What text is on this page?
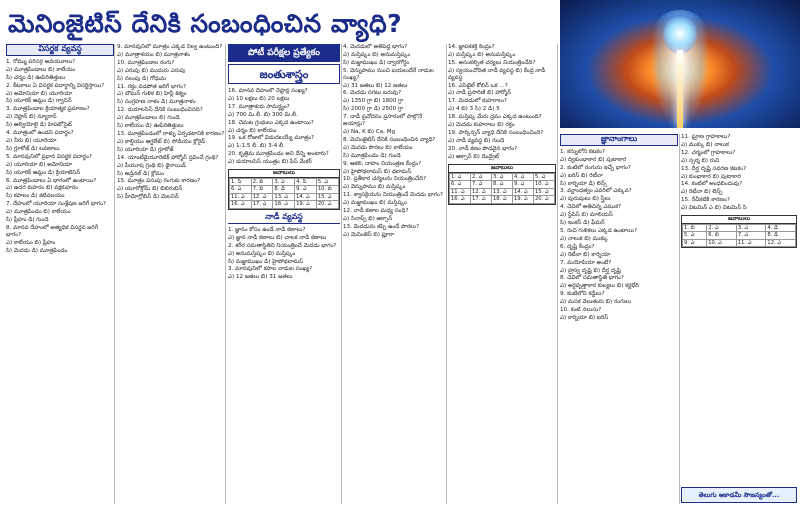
మెనింజైటిస్ దేనికి సంబంధించిన వ్యాధి?
విసర్జక వ్యవస్థ

1. రోమ్ము పరిసర్గ అవయవాలు?

ఎ) మూత్రపిండాలు బి) కాలేయం

సి) చర్మం డి) ఊపిరితిత్తులు

2. కీటకాలు ఏ విసర్జక పదార్థాన్ని విసర్జిస్తాయి?

ఎ) అమోనియా బి) యూరియా

సి) యూరిక్ ఆమ్లం డి) గ్వానిన్

3. మూత్రపిండాల క్రియాత్మక ప్రమాణం?

ఎ) నెఫ్రాన్ బి) న్యూరాన్

సి) ఆల్వియోలై డి) హెపటోసైట్

4. మూత్రంలో ఉండని పదార్థం?

ఎ) నీరు బి) యూరియా

సి) గ్లూకోజ్ డి) లవణాలు

5. మానవునిలో ప్రధాన విసర్జక పదార్థం?

ఎ) యూరియా బి) అమోనియా

సి) యూరిక్ ఆమ్లం డి) క్రియాటినిన్

6. మూత్రపిండాలు ఏ భాగంలో ఉంటాయి?

ఎ) ఉదర కుహరం బి) వక్షకుహరం

సి) కపాలం డి) కటివలయం

7. దేహంలో యూరియా సంశ్లేషణ జరిగే భాగం?

ఎ) మూత్రపిండం బి) కాలేయం

సి) ప్లీహం డి) గుండె

8. మానవ దేహంలో అత్యధిక విసర్జన జరిగే భాగం?

ఎ) కాలేయం బి) ప్లీహం

సి) మెదడు డి) మూత్రపిండం

9. మానవునిలో మూత్రం ఎక్కడ నిల్వ ఉంటుంది?

ఎ) మూత్రాశయం బి) మూత్రనాళం

10. మూత్రపిండాల రంగు?

ఎ) ఎరుపు బి) ముదురు ఎరుపు

సి) నలుపు డి) గోధుమ

11. రక్తం వడపోత జరిగే భాగం?

ఎ) బౌమన్ గుళిక బి) హెన్లీ శిక్యం

సి) సంగ్రహణ నాళం డి) మూత్రనాళం

12. డయాలసిస్ దేనికి సంబంధించినది?

ఎ) మూత్రపిండాలు బి) గుండె

సి) కాలేయం డి) ఊపిరితిత్తులు

13. మూత్రపిండంలో రాళ్ళు ఏర్పడటానికి కారణం?

ఎ) కాల్షియం ఆగ్జలేట్ బి) సోడియం క్లోరైడ్

సి) యూరియా డి) గ్లూకోజ్

14. యాంటీడైయూరెటిక్ హార్మోన్ స్రవించే గ్రంథి?

ఎ) పీయూష గ్రంథి బి) థైరాయిడ్

సి) అడ్రినల్ డి) క్లోమం

15. మూత్రం పసుపు రంగుకు కారణం?

ఎ) యూరోక్రోమ్ బి) బిలిరుబిన్

సి) హీమోగ్లోబిన్ డి) మెలనిన్

పోటీ పరీక్షల ప్రత్యేకం
జంతుశాస్త్రం

16. మానవ దేహంలో నెఫ్రాన్ల సంఖ్య?

ఎ) 10 లక్షలు బి) 20 లక్షలు

17. మూత్రాశయ సామర్థ్యం?

ఎ) 700 మి.లీ. బి) 300 మి.లీ.

18. చెమట గ్రంథులు ఎక్కడ ఉంటాయి?

ఎ) చర్మం బి) కాలేయం

19. ఒక రోజులో విడుదలయ్యే మూత్రం?

ఎ) 1-1.5 లీ. బి) 3-4 లీ.

20. కృత్రిమ మూత్రపిండం అని దేన్ని అంటారు?

ఎ) డయాలసిస్ యంత్రం బి) పేస్ మేకర్

జవాబులు
1. సి	2. బి	3. ఎ	4. సి	5. ఎ
6. ఎ	7. బి	8. డి	9. ఎ	10. బి
11. ఎ	12. ఎ	13. ఎ	14. ఎ	15. ఎ
16. ఎ	17. ఎ	18. ఎ	19. ఎ	20. ఎ
నాడీ వ్యవస్థ

1. జ్ఞానం కోసం ఉండే నాడీ కణాలు?

ఎ) జ్ఞాన నాడీ కణాలు బి) చాలక నాడీ కణాలు

2. శరీర సమతాస్థితిని నియంత్రించే మెదడు భాగం?

ఎ) అనుమస్తిష్కం బి) మస్తిష్కం

సి) మజ్జాముఖం డి) హైపోథలామస్

3. మానవునిలో కపాల నాడుల సంఖ్య?

ఎ) 12 జతలు బి) 31 జతలు

4. మెదడులో అతిపెద్ద భాగం?

ఎ) మస్తిష్కం బి) అనుమస్తిష్కం

సి) మజ్జాముఖం డి) ద్వారగోర్ధం

5. వెన్నుపాము నుంచి బయలుదేరే నాడుల సంఖ్య?

ఎ) 31 జతలు బి) 12 జతలు

6. మెదడు సగటు బరువు?

ఎ) 1350 గ్రా బి) 1800 గ్రా

సి) 2000 గ్రా డి) 2500 గ్రా

7. నాడీ ప్రచోదనం ప్రసారంలో పాల్గొనే అయాన్లు?

ఎ) Na, K బి) Ca, Mg

8. మెనింజైటిస్ దేనికి సంబంధించిన వ్యాధి?

ఎ) మెదడు పొరలు బి) కాలేయం

సి) మూత్రపిండం డి) గుండె

9. ఆకలి, దాహం నియంత్రణ కేంద్రం?

ఎ) హైపోథలామస్ బి) థలామస్

10. ప్రతీకార చర్యలను నియంత్రించేది?

ఎ) వెన్నుపాము బి) మస్తిష్కం

11. శ్వాసక్రియను నియంత్రించే మెదడు భాగం?

ఎ) మజ్జాముఖం బి) మస్తిష్కం

12. నాడీ కణాల మధ్య సంధి?

ఎ) సినాప్స్ బి) ఆక్సాన్

13. మెదడును కప్పి ఉండే పొరలు?

ఎ) మెనింజెస్ బి) ప్లూరా

14. జ్ఞాపకశక్తి కేంద్రం?

ఎ) మస్తిష్కం బి) అనుమస్తిష్కం

15. అసంకల్పిత చర్యలు నియంత్రించేది?

ఎ) స్వయంచోదిత నాడీ వ్యవస్థ బి) కేంద్ర నాడీ వ్యవస్థ

16. ఎసిటైల్ కోలిన్ ఒక ...?

ఎ) నాడీ ప్రసారిణి బి) హార్మోన్

17. మెదడులో కుహరాలు?

ఎ) 4 బి) 3 సి) 2 డి) 5

18. మస్తిష్క మేరు ద్రవం ఎక్కడ ఉంటుంది?

ఎ) మెదడు కుహరాలు బి) రక్తం

19. పార్కిన్సన్ వ్యాధి దేనికి సంబంధించింది?

ఎ) నాడీ వ్యవస్థ బి) గుండె

20. నాడీ కణం పొడవైన భాగం?

ఎ) ఆక్సాన్ బి) డెండ్రైట్

జవాబులు
1. ఎ	2. ఎ	3. ఎ	4. ఎ	5. ఎ
6. ఎ	7. ఎ	8. ఎ	9. ఎ	10. ఎ
11. ఎ	12. ఎ	13. ఎ	14. ఎ	15. ఎ
16. ఎ	17. ఎ	18. ఎ	19. ఎ	20. ఎ
జ్ఞానాంగాలు

1. కన్నులోని కటకం?

ఎ) ద్వికుంభాకార బి) పుటాకార

2. కంటిలో రంగును ఇచ్చే భాగం?

ఎ) ఐరిస్ బి) రెటీనా

సి) కార్నియా డి) లెన్స్

3. వర్ణాంధత్వం ఎవరిలో ఎక్కువ?

ఎ) పురుషులు బి) స్త్రీలు

4. చెవిలో అతిచిన్న ఎముక?

ఎ) స్టేపిస్ బి) మాలియస్

సి) ఇంకస్ డి) ఫీమర్

5. రుచి గుళికలు ఎక్కడ ఉంటాయి?

ఎ) నాలుక బి) ముక్కు

6. దృష్టి కేంద్రం?

ఎ) రెటీనా బి) కార్నియా

7. మయోపియా అంటే?

ఎ) హ్రస్వ దృష్టి బి) దీర్ఘ దృష్టి

8. చెవిలో సమతాస్థితి భాగం?

ఎ) అర్ధవృత్తాకార కుల్యలు బి) కర్ణభేరి

9. కంటిలోని కడ్డీలు?

ఎ) మసక వెలుతురు బి) రంగులు

10. కంటి నలుసు?

ఎ) కార్నియా బి) ఐరిస్

11. ఘ్రాణ గ్రాహకాలు?

ఎ) ముక్కు బి) నాలుక

12. చర్మంలో గ్రాహకాలు?

ఎ) స్పర్శ బి) రుచి

13. దీర్ఘ దృష్టి సవరణ కటకం?

ఎ) కుంభాకార బి) పుటాకార

14. కంటిలో అంధబిందువు?

ఎ) రెటీనా బి) లెన్స్

15. రేచీకటికి కారణం?

ఎ) విటమిన్ ఎ బి) విటమిన్ సి

జవాబులు
1. బి	2. ఎ	3. ఎ	4. డి
5. ఎ	6. బి	7. ఎ	8. డి
9. ఎ	10. ఎ	11. ఎ	12. ఎ
తెలుగు అకాడమీ సౌజన్యంతో...
